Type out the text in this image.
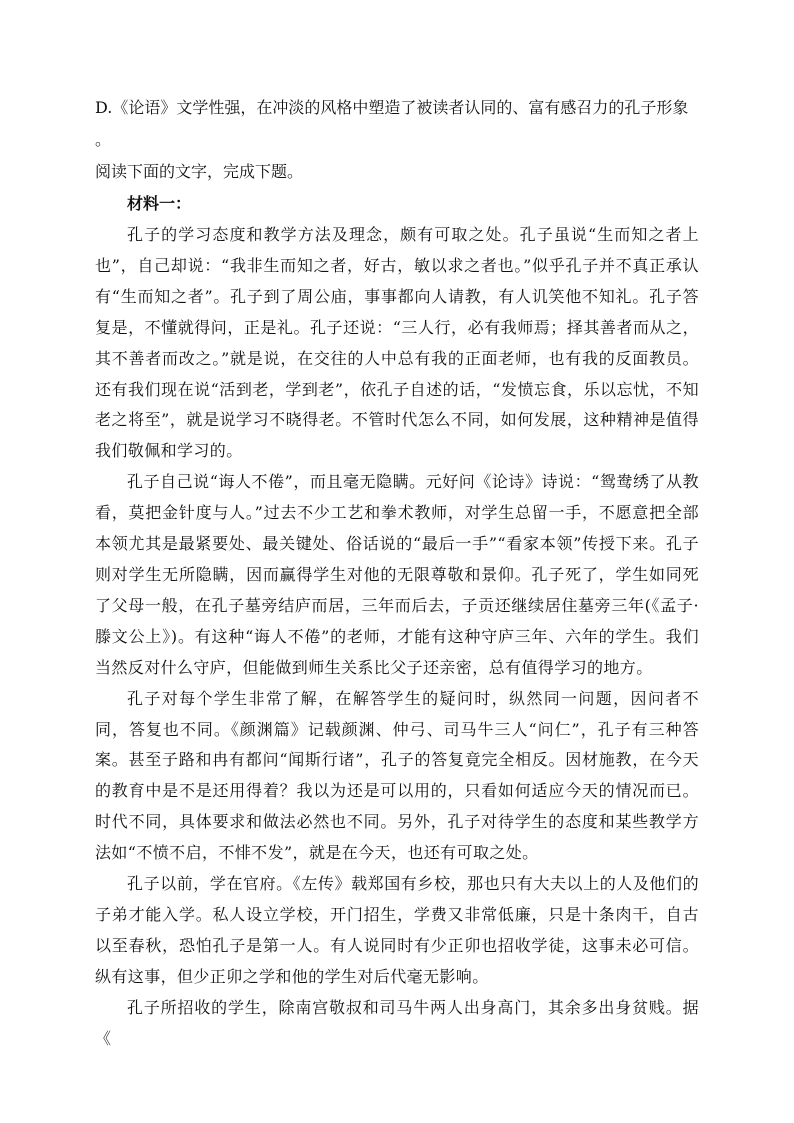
D.《论语》文学性强，在冲淡的风格中塑造了被读者认同的、富有感召力的孔子形象
。

阅读下面的文字，完成下题。

材料一：

孔子的学习态度和教学方法及理念，颇有可取之处。孔子虽说“生而知之者上也”，自己却说：“我非生而知之者，好古，敏以求之者也。”似乎孔子并不真正承认有“生而知之者”。孔子到了周公庙，事事都向人请教，有人讥笑他不知礼。孔子答复是，不懂就得问，正是礼。孔子还说：“三人行，必有我师焉；择其善者而从之，其不善者而改之。”就是说，在交往的人中总有我的正面老师，也有我的反面教员。还有我们现在说“活到老，学到老”，依孔子自述的话，“发愤忘食，乐以忘忧，不知老之将至”，就是说学习不晓得老。不管时代怎么不同，如何发展，这种精神是值得我们敬佩和学习的。

孔子自己说“诲人不倦”，而且毫无隐瞒。元好问《论诗》诗说：“鸳鸯绣了从教看，莫把金针度与人。”过去不少工艺和拳术教师，对学生总留一手，不愿意把全部本领尤其是最紧要处、最关键处、俗话说的“最后一手”“看家本领”传授下来。孔子则对学生无所隐瞒，因而赢得学生对他的无限尊敬和景仰。孔子死了，学生如同死了父母一般，在孔子墓旁结庐而居，三年而后去，子贡还继续居住墓旁三年(《孟子·滕文公上》)。有这种“诲人不倦”的老师，才能有这种守庐三年、六年的学生。我们当然反对什么守庐，但能做到师生关系比父子还亲密，总有值得学习的地方。

孔子对每个学生非常了解，在解答学生的疑问时，纵然同一问题，因问者不同，答复也不同。《颜渊篇》记载颜渊、仲弓、司马牛三人“问仁”，孔子有三种答案。甚至子路和冉有都问“闻斯行诸”，孔子的答复竟完全相反。因材施教，在今天的教育中是不是还用得着？我以为还是可以用的，只看如何适应今天的情况而已。时代不同，具体要求和做法必然也不同。另外，孔子对待学生的态度和某些教学方法如“不愤不启，不悱不发”，就是在今天，也还有可取之处。

孔子以前，学在官府。《左传》载郑国有乡校，那也只有大夫以上的人及他们的子弟才能入学。私人设立学校，开门招生，学费又非常低廉，只是十条肉干，自古以至春秋，恐怕孔子是第一人。有人说同时有少正卯也招收学徒，这事未必可信。纵有这事，但少正卯之学和他的学生对后代毫无影响。

孔子所招收的学生，除南宫敬叔和司马牛两人出身高门，其余多出身贫贱。据《
